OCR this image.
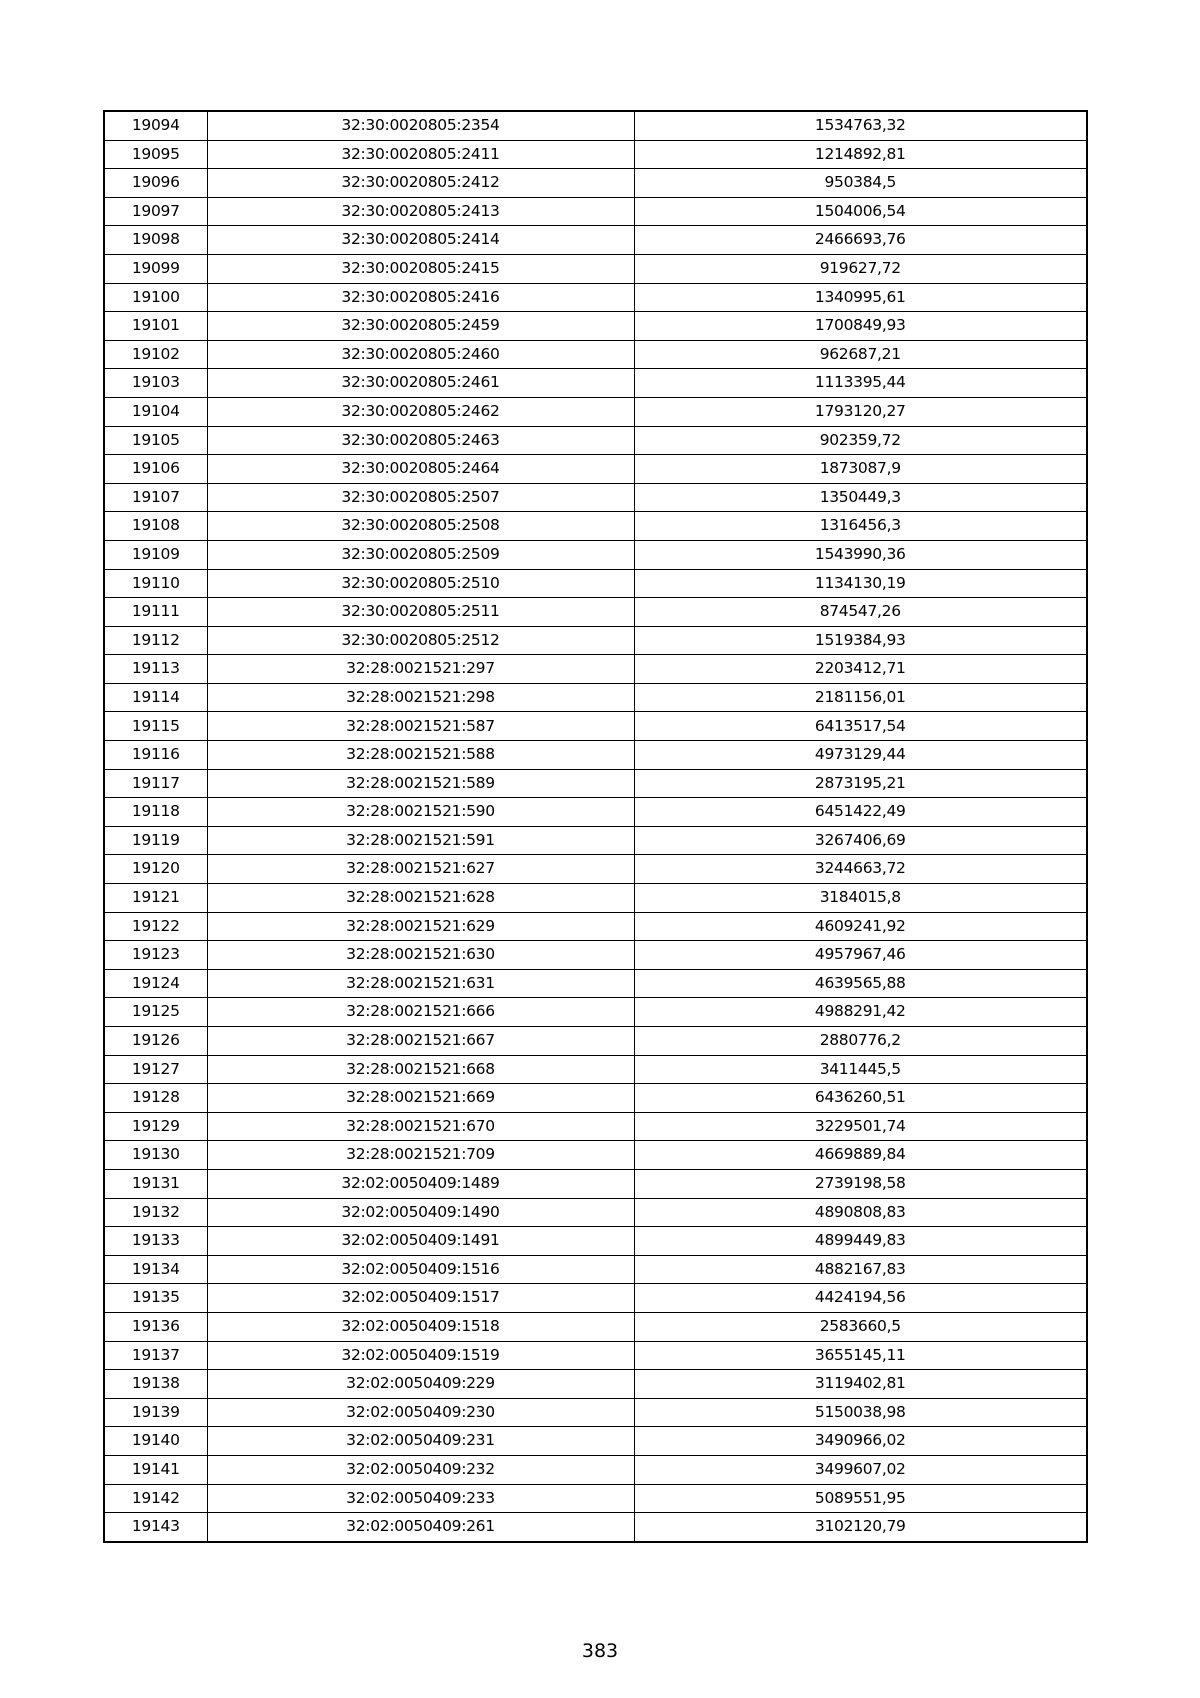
19094	32:30:0020805:2354	1534763,32
19095	32:30:0020805:2411	1214892,81
19096	32:30:0020805:2412	950384,5
19097	32:30:0020805:2413	1504006,54
19098	32:30:0020805:2414	2466693,76
19099	32:30:0020805:2415	919627,72
19100	32:30:0020805:2416	1340995,61
19101	32:30:0020805:2459	1700849,93
19102	32:30:0020805:2460	962687,21
19103	32:30:0020805:2461	1113395,44
19104	32:30:0020805:2462	1793120,27
19105	32:30:0020805:2463	902359,72
19106	32:30:0020805:2464	1873087,9
19107	32:30:0020805:2507	1350449,3
19108	32:30:0020805:2508	1316456,3
19109	32:30:0020805:2509	1543990,36
19110	32:30:0020805:2510	1134130,19
19111	32:30:0020805:2511	874547,26
19112	32:30:0020805:2512	1519384,93
19113	32:28:0021521:297	2203412,71
19114	32:28:0021521:298	2181156,01
19115	32:28:0021521:587	6413517,54
19116	32:28:0021521:588	4973129,44
19117	32:28:0021521:589	2873195,21
19118	32:28:0021521:590	6451422,49
19119	32:28:0021521:591	3267406,69
19120	32:28:0021521:627	3244663,72
19121	32:28:0021521:628	3184015,8
19122	32:28:0021521:629	4609241,92
19123	32:28:0021521:630	4957967,46
19124	32:28:0021521:631	4639565,88
19125	32:28:0021521:666	4988291,42
19126	32:28:0021521:667	2880776,2
19127	32:28:0021521:668	3411445,5
19128	32:28:0021521:669	6436260,51
19129	32:28:0021521:670	3229501,74
19130	32:28:0021521:709	4669889,84
19131	32:02:0050409:1489	2739198,58
19132	32:02:0050409:1490	4890808,83
19133	32:02:0050409:1491	4899449,83
19134	32:02:0050409:1516	4882167,83
19135	32:02:0050409:1517	4424194,56
19136	32:02:0050409:1518	2583660,5
19137	32:02:0050409:1519	3655145,11
19138	32:02:0050409:229	3119402,81
19139	32:02:0050409:230	5150038,98
19140	32:02:0050409:231	3490966,02
19141	32:02:0050409:232	3499607,02
19142	32:02:0050409:233	5089551,95
19143	32:02:0050409:261	3102120,79
383
